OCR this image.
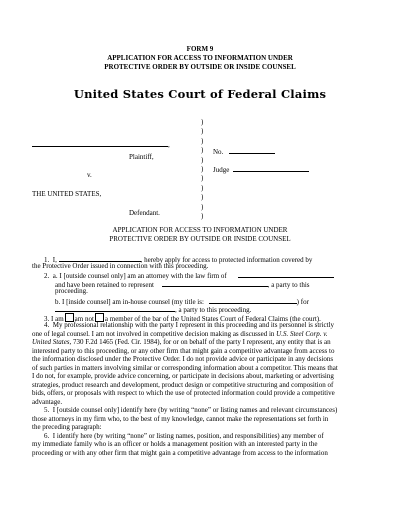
FORM 9
APPLICATION FOR ACCESS TO INFORMATION UNDER
PROTECTIVE ORDER BY OUTSIDE OR INSIDE COUNSEL
United States Court of Federal Claims
,
Plaintiff,
v.
THE UNITED STATES,
Defendant.
)
)
)
)
)
)
)
)
)
)
)
No.
Judge
APPLICATION FOR ACCESS TO INFORMATION UNDER
PROTECTIVE ORDER BY OUTSIDE OR INSIDE COUNSEL
1.  I,	, hereby apply for access to protected information covered by
the Protective Order issued in connection with this proceeding.
2.  a. I [outside counsel only] am an attorney with the law firm of
and have been retained to represent	, a party to this
proceeding.
b. I [inside counsel] am in-house counsel (my title is:	) for
, a party to this proceeding.
3. I am am not a member of the bar of the United States Court of Federal Claims (the court).
4.  My professional relationship with the party I represent in this proceeding and its personnel is strictly
one of legal counsel. I am not involved in competitive decision making as discussed in U.S. Steel Corp. v.
United States, 730 F.2d 1465 (Fed. Cir. 1984), for or on behalf of the party I represent, any entity that is an
interested party to this proceeding, or any other firm that might gain a competitive advantage from access to
the information disclosed under the Protective Order. I do not provide advice or participate in any decisions
of such parties in matters involving similar or corresponding information about a competitor. This means that
I do not, for example, provide advice concerning, or participate in decisions about, marketing or advertising
strategies, product research and development, product design or competitive structuring and composition of
bids, offers, or proposals with respect to which the use of protected information could provide a competitive
advantage.
5.  I [outside counsel only] identify here (by writing “none” or listing names and relevant circumstances)
those attorneys in my firm who, to the best of my knowledge, cannot make the representations set forth in
the preceding paragraph:
6.  I identify here (by writing “none” or listing names, position, and responsibilities) any member of
my immediate family who is an officer or holds a management position with an interested party in the
proceeding or with any other firm that might gain a competitive advantage from access to the information
